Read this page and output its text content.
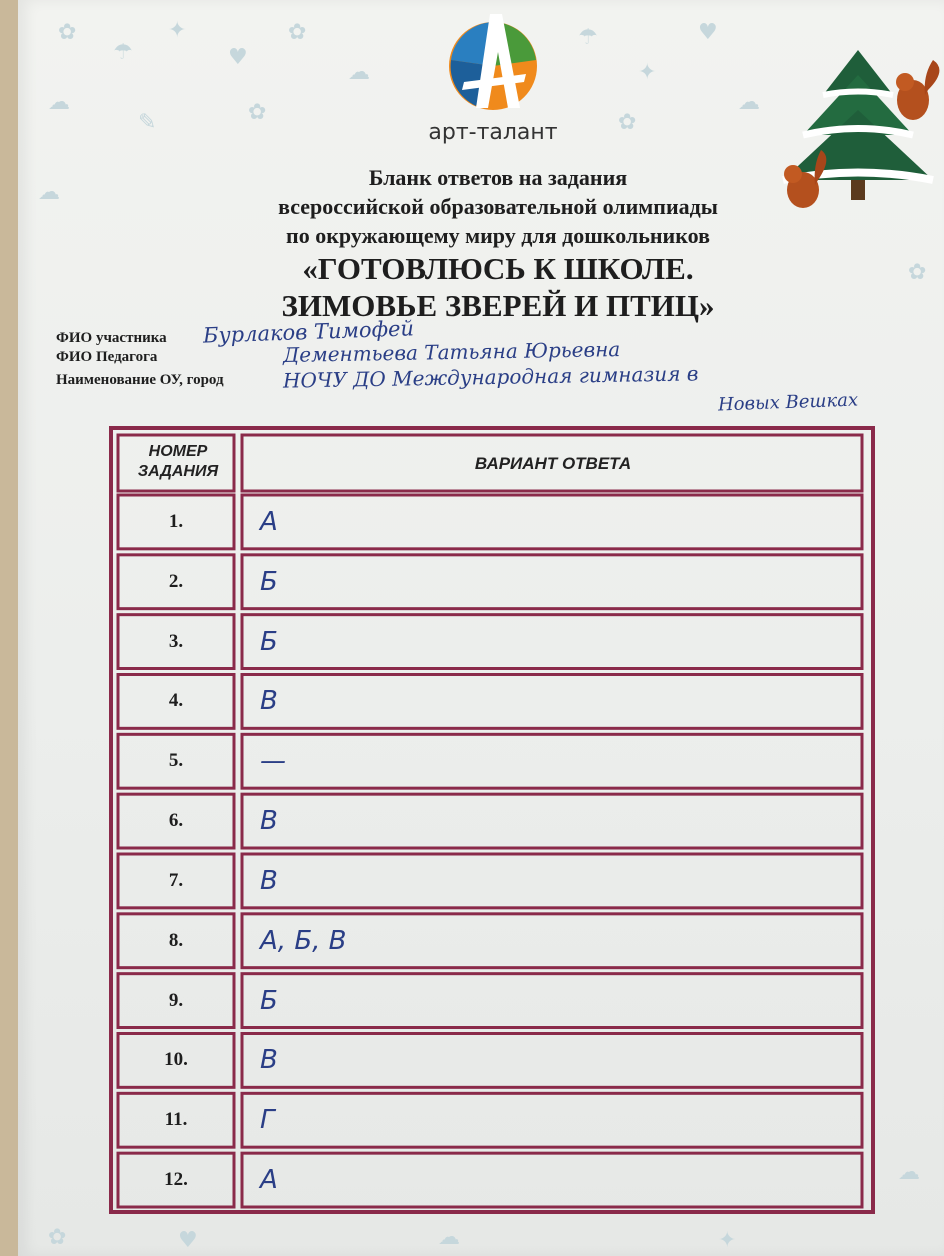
✿
☂
✦
♥
✿
☁
☁
✎	✿
☂
✦
♥
☁
✿
☁
✿
☁
✿	♥	☁	✦
арт-талант
Бланк ответов на задания
всероссийской образовательной олимпиады
по окружающему миру для дошкольников
«ГОТОВЛЮСЬ К ШКОЛЕ.
ЗИМОВЬЕ ЗВЕРЕЙ И ПТИЦ»
ФИО участника Бурлаков Тимофей
ФИО Педагога	Дементьева Татьяна Юрьевна
Наименование ОУ, город	НОЧУ ДО Международная гимназия в
Новых Вешках
НОМЕР
ЗАДАНИЯ	ВАРИАНТ ОТВЕТА
1.	А
2.	Б
3.	Б
4.	В
5.	—
6.	В
7.	В
8.	А, Б, В
9.	Б
10.	В
11.	Г
12.	А
